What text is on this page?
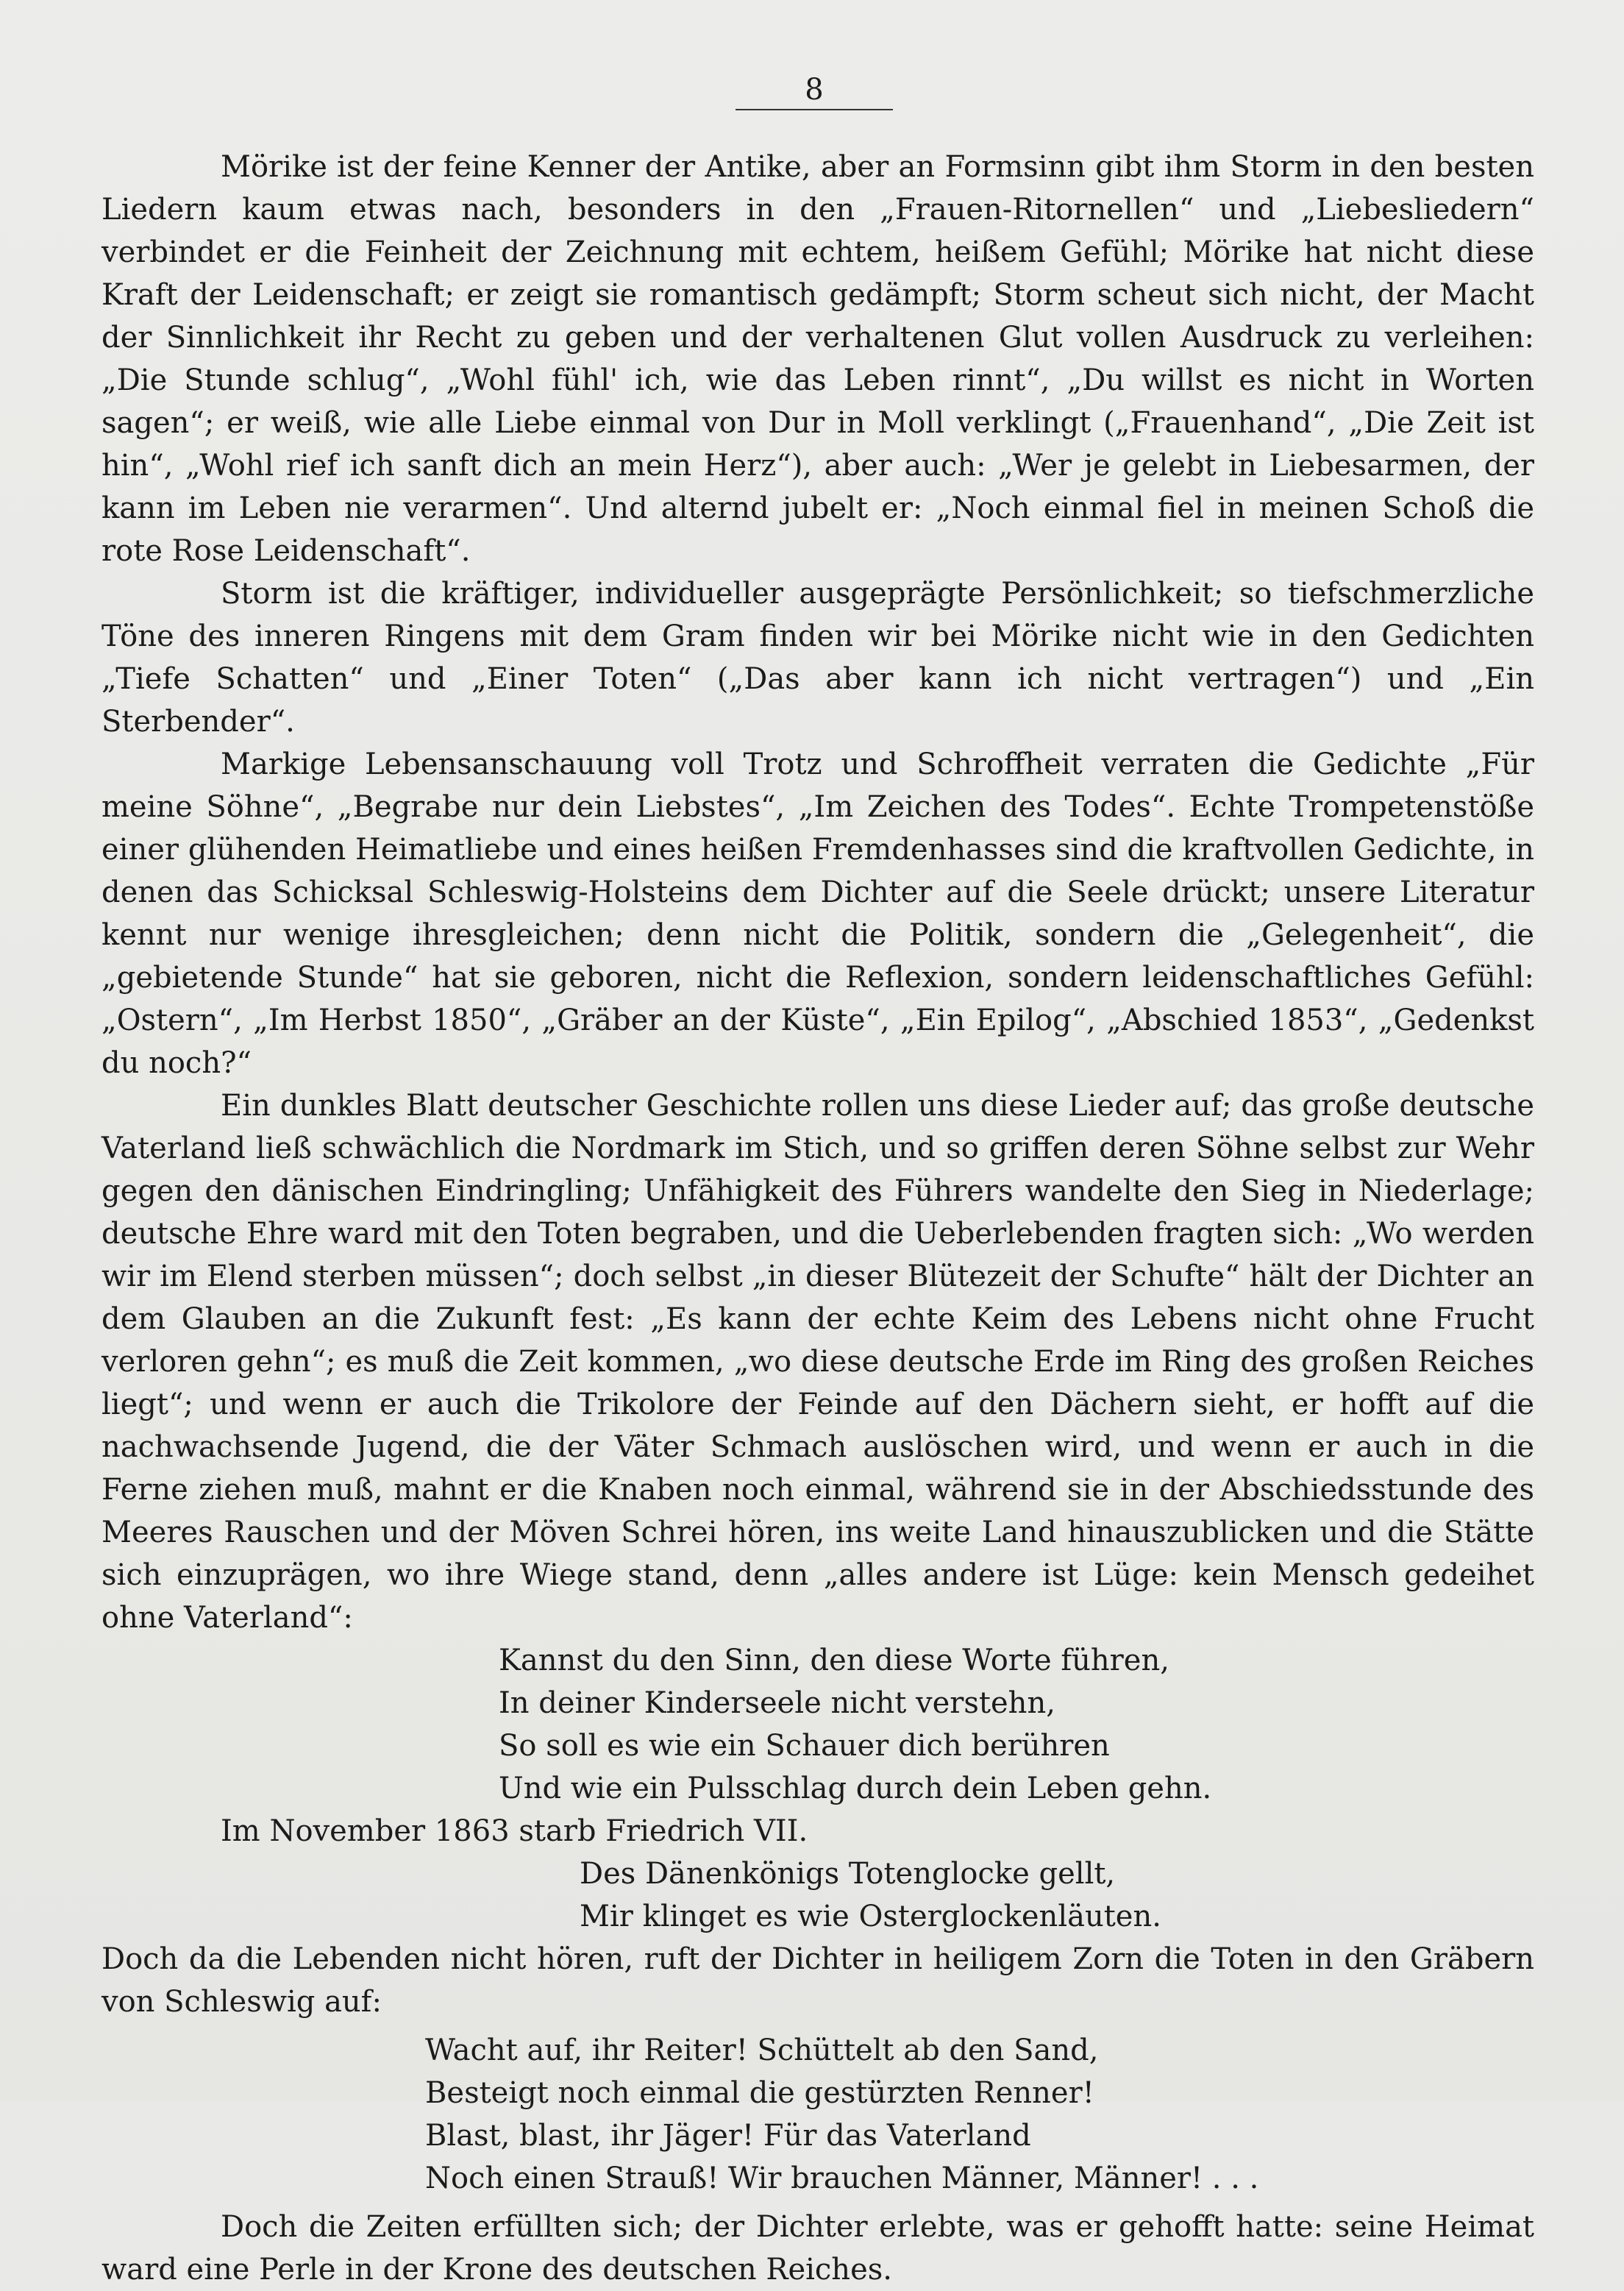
8

Mörike ist der feine Kenner der Antike, aber an Formsinn gibt ihm Storm in den besten Liedern kaum etwas nach, besonders in den „Frauen-Ritornellen“ und „Liebesliedern“ verbindet er die Feinheit der Zeichnung mit echtem, heißem Gefühl; Mörike hat nicht diese Kraft der Leidenschaft; er zeigt sie romantisch gedämpft; Storm scheut sich nicht, der Macht der Sinnlichkeit ihr Recht zu geben und der verhaltenen Glut vollen Ausdruck zu verleihen: „Die Stunde schlug“, „Wohl fühl' ich, wie das Leben rinnt“, „Du willst es nicht in Worten sagen“; er weiß, wie alle Liebe einmal von Dur in Moll verklingt („Frauenhand“, „Die Zeit ist hin“, „Wohl rief ich sanft dich an mein Herz“), aber auch: „Wer je gelebt in Liebesarmen, der kann im Leben nie verarmen“. Und alternd jubelt er: „Noch einmal fiel in meinen Schoß die rote Rose Leidenschaft“.

Storm ist die kräftiger, individueller ausgeprägte Persönlichkeit; so tiefschmerzliche Töne des inneren Ringens mit dem Gram finden wir bei Mörike nicht wie in den Gedichten „Tiefe Schatten“ und „Einer Toten“ („Das aber kann ich nicht vertragen“) und „Ein Sterbender“.

Markige Lebensanschauung voll Trotz und Schroffheit verraten die Gedichte „Für meine Söhne“, „Begrabe nur dein Liebstes“, „Im Zeichen des Todes“. Echte Trompetenstöße einer glühenden Heimatliebe und eines heißen Fremdenhasses sind die kraftvollen Gedichte, in denen das Schicksal Schleswig-Holsteins dem Dichter auf die Seele drückt; unsere Literatur kennt nur wenige ihresgleichen; denn nicht die Politik, sondern die „Gelegenheit“, die „gebietende Stunde“ hat sie geboren, nicht die Reflexion, sondern leidenschaftliches Gefühl: „Ostern“, „Im Herbst 1850“, „Gräber an der Küste“, „Ein Epilog“, „Abschied 1853“, „Gedenkst du noch?“

Ein dunkles Blatt deutscher Geschichte rollen uns diese Lieder auf; das große deutsche Vaterland ließ schwächlich die Nordmark im Stich, und so griffen deren Söhne selbst zur Wehr gegen den dänischen Eindringling; Unfähigkeit des Führers wandelte den Sieg in Niederlage; deutsche Ehre ward mit den Toten begraben, und die Ueberlebenden fragten sich: „Wo werden wir im Elend sterben müssen“; doch selbst „in dieser Blütezeit der Schufte“ hält der Dichter an dem Glauben an die Zukunft fest: „Es kann der echte Keim des Lebens nicht ohne Frucht verloren gehn“; es muß die Zeit kommen, „wo diese deutsche Erde im Ring des großen Reiches liegt“; und wenn er auch die Trikolore der Feinde auf den Dächern sieht, er hofft auf die nachwachsende Jugend, die der Väter Schmach auslöschen wird, und wenn er auch in die Ferne ziehen muß, mahnt er die Knaben noch einmal, während sie in der Abschiedsstunde des Meeres Rauschen und der Möven Schrei hören, ins weite Land hinauszublicken und die Stätte sich einzuprägen, wo ihre Wiege stand, denn „alles andere ist Lüge: kein Mensch gedeihet ohne Vaterland“:

Kannst du den Sinn, den diese Worte führen,
In deiner Kinderseele nicht verstehn,
So soll es wie ein Schauer dich berühren
Und wie ein Pulsschlag durch dein Leben gehn.

Im November 1863 starb Friedrich VII.

Des Dänenkönigs Totenglocke gellt,
Mir klinget es wie Osterglockenläuten.

Doch da die Lebenden nicht hören, ruft der Dichter in heiligem Zorn die Toten in den Gräbern von Schleswig auf:

Wacht auf, ihr Reiter! Schüttelt ab den Sand,
Besteigt noch einmal die gestürzten Renner!
Blast, blast, ihr Jäger! Für das Vaterland
Noch einen Strauß! Wir brauchen Männer, Männer! . . .

Doch die Zeiten erfüllten sich; der Dichter erlebte, was er gehofft hatte: seine Heimat ward eine Perle in der Krone des deutschen Reiches.
